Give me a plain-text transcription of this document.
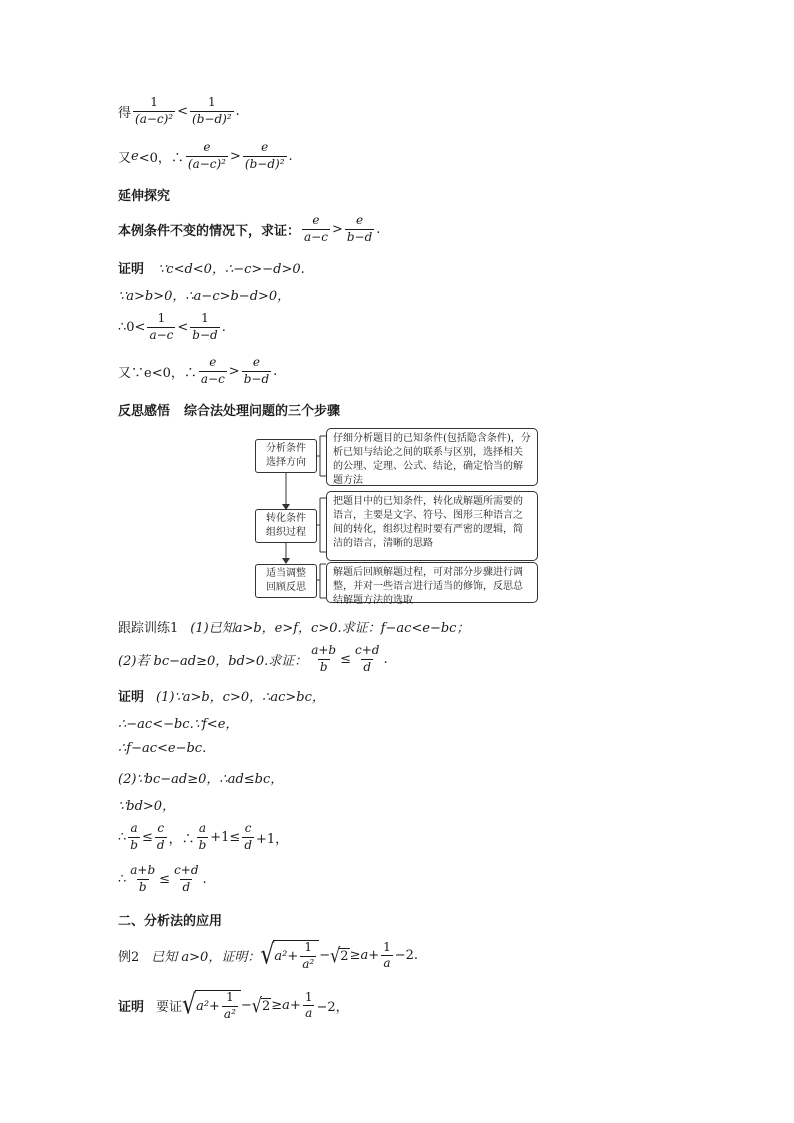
得 $\frac{1}{\text{(a−c)²}} < \frac{1}{\text{(b−d)²}}$ .
又 e <0，∴ $\frac{e}{\text{(a−c)²}} > \frac{e}{\text{(b−d)²}}$ .
延伸探究
本例条件不变的情况下，求证： $\frac{e}{a-c} > \frac{e}{b-d}$ .
证明 ∵c<d<0，∴−c>−d>0.
∵a>b>0，∴a−c>b−d>0，
∴0< $\frac{1}{a-c} < \frac{1}{b-d}$ .
又∵e<0，∴ $\frac{e}{a-c} > \frac{e}{b-d}$ .
反思感悟 综合法处理问题的三个步骤
分析条件
选择方向
仔细分析题目的已知条件(包括隐含条件)，分析已知与结论之间的联系与区别，选择相关的公理、定理、公式、结论，确定恰当的解题方法
转化条件
组织过程
把题目中的已知条件，转化成解题所需要的语言，主要是文字、符号、图形三种语言之间的转化，组织过程时要有严密的逻辑，简洁的语言，清晰的思路
适当调整
回顾反思
解题后回顾解题过程，可对部分步骤进行调整，并对一些语言进行适当的修饰，反思总结解题方法的选取
跟踪训练1 (1)已知a>b，e>f，c>0.求证：f−ac<e−bc；
(2)若 bc−ad≥0，bd>0.求证： $\frac{a+b}{b} \le \frac{c+d}{d}$ .
证明 (1)∵a>b，c>0，∴ac>bc，
∴−ac<−bc.∵f<e，
∴f−ac<e−bc.
(2)∵bc−ad≥0，∴ad≤bc，
∵bd>0，
∴ $\frac{a}{b} \le \frac{c}{d}$ ，∴ $\frac{a}{b} +1\le \frac{c}{d} +1$，
∴ $\frac{a+b}{b} \le \frac{c+d}{d}$ .
二、分析法的应用
例2 已知 a>0，证明： √ $a^2+ \frac{1}{\text{a²}}$ − √ $2 \ge a+ \frac{1}{a} -2$.
证明 要证 √ $a^2+ \frac{1}{\text{a²}}$ − √ $2 \ge a+ \frac{1}{a} -2$，
